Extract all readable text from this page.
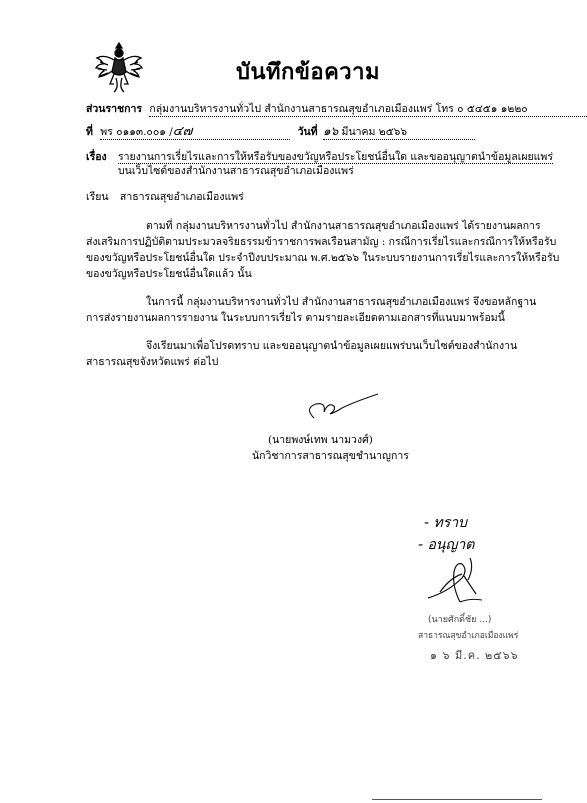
บันทึกข้อความ
ส่วนราชการ กลุ่มงานบริหารงานทั่วไป สำนักงานสาธารณสุขอำเภอเมืองแพร่ โทร ๐ ๕๔๕๑ ๑๒๒๐
ที่ พร ๐๑๑๓.๐๐๑ /๔๗	วันที่ ๑๖ มีนาคม ๒๕๖๖
เรื่อง รายงานการเรี่ยไรและการให้หรือรับของขวัญหรือประโยชน์อื่นใด และขออนุญาตนำข้อมูลเผยแพร่
บนเว็บไซต์ของสำนักงานสาธารณสุขอำเภอเมืองแพร่
เรียน สาธารณสุขอำเภอเมืองแพร่
ตามที่ กลุ่มงานบริหารงานทั่วไป สำนักงานสาธารณสุขอำเภอเมืองแพร่ ได้รายงานผลการ
ส่งเสริมการปฏิบัติตามประมวลจริยธรรมข้าราชการพลเรือนสามัญ : กรณีการเรี่ยไรและกรณีการให้หรือรับ
ของขวัญหรือประโยชน์อื่นใด ประจำปีงบประมาณ พ.ศ.๒๕๖๖ ในระบบรายงานการเรี่ยไรและการให้หรือรับ
ของขวัญหรือประโยชน์อื่นใดแล้ว นั้น
ในการนี้ กลุ่มงานบริหารงานทั่วไป สำนักงานสาธารณสุขอำเภอเมืองแพร่ จึงขอหลักฐาน
การส่งรายงานผลการรายงาน ในระบบการเรี่ยไร ตามรายละเอียดตามเอกสารที่แนบมาพร้อมนี้
จึงเรียนมาเพื่อโปรดทราบ และขออนุญาตนำข้อมูลเผยแพร่บนเว็บไซต์ของสำนักงาน
สาธารณสุขจังหวัดแพร่ ต่อไป
(นายพงษ์เทพ นามวงศ์)
นักวิชาการสาธารณสุขชำนาญการ
- ทราบ
- อนุญาต
(นายศักดิ์ชัย ...)
สาธารณสุขอำเภอเมืองแพร่
๑ ๖ มี.ค. ๒๕๖๖
